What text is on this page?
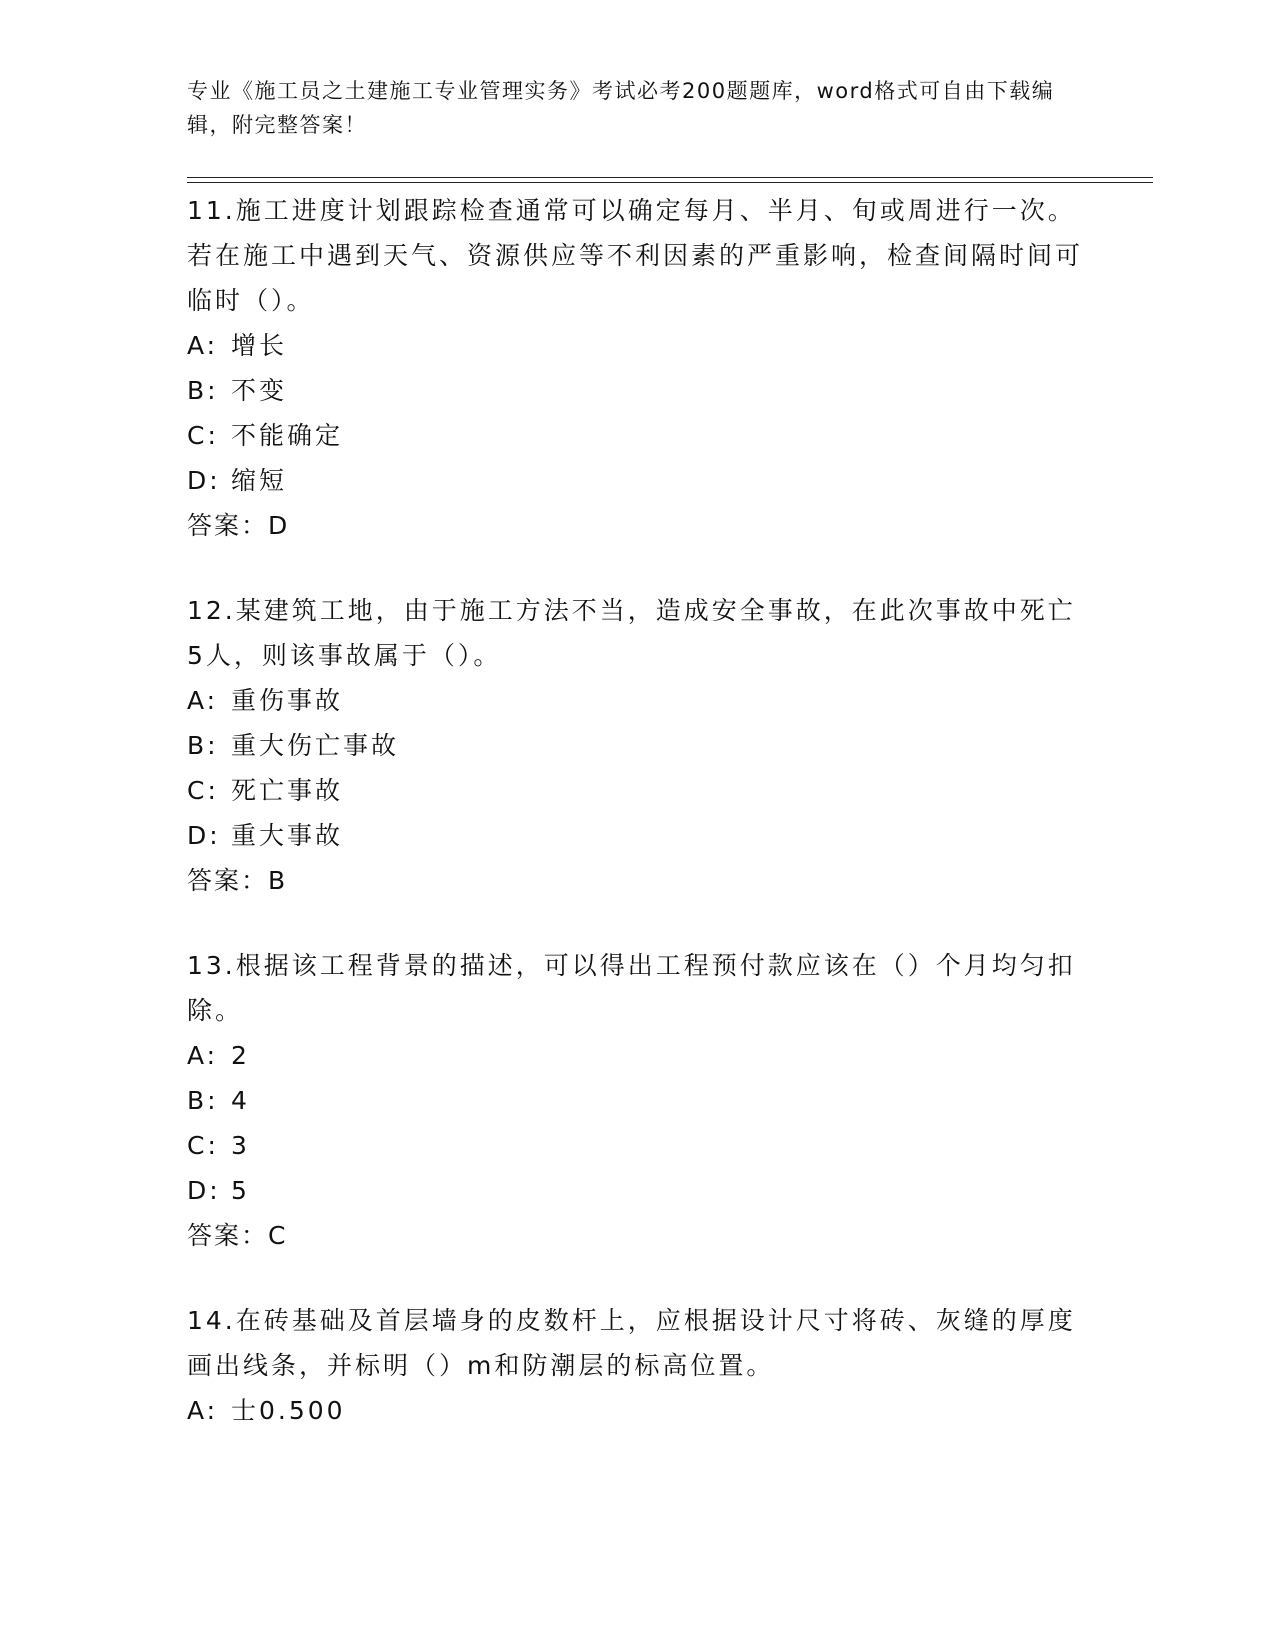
专业《施工员之土建施工专业管理实务》考试必考200题题库，word格式可自由下载编辑，附完整答案！

11.施工进度计划跟踪检查通常可以确定每月、半月、旬或周进行一次。若在施工中遇到天气、资源供应等不利因素的严重影响，检查间隔时间可临时（）。

A: 增长
B: 不变
C: 不能确定
D: 缩短

答案：D

12.某建筑工地，由于施工方法不当，造成安全事故，在此次事故中死亡5人，则该事故属于（）。

A: 重伤事故
B: 重大伤亡事故
C: 死亡事故
D: 重大事故

答案：B

13.根据该工程背景的描述，可以得出工程预付款应该在（）个月均匀扣除。

A: 2
B: 4
C: 3
D: 5

答案：C

14.在砖基础及首层墙身的皮数杆上，应根据设计尺寸将砖、灰缝的厚度画出线条，并标明（）m和防潮层的标高位置。

A: 士0.500
